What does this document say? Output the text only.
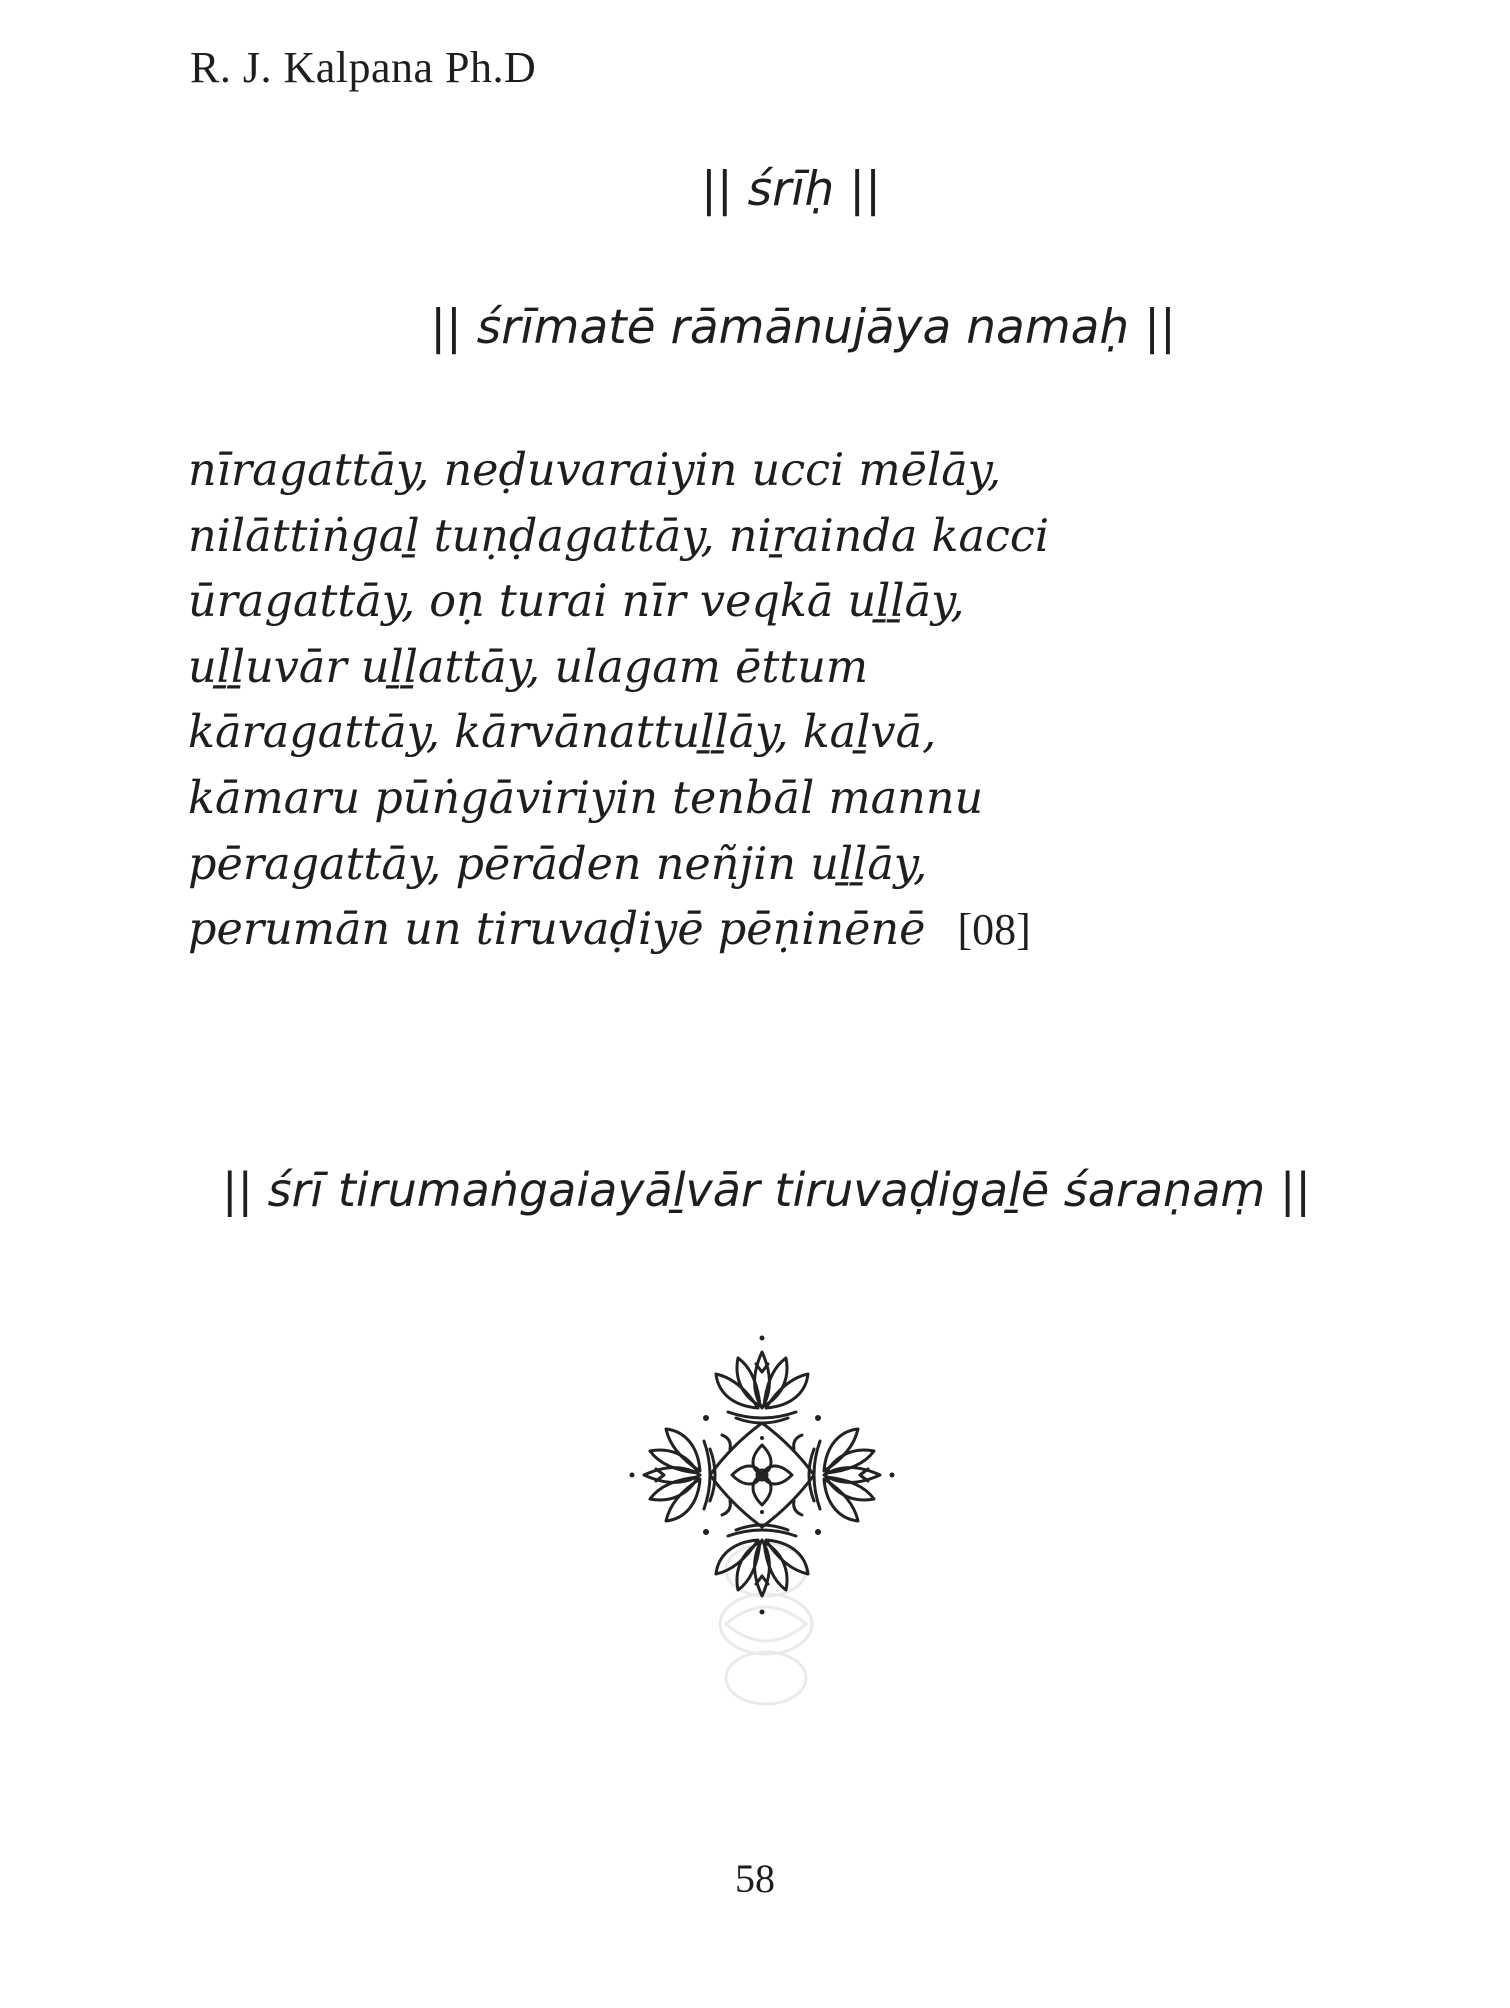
R. J. Kalpana Ph.D
|| śrīḥ ||
|| śrīmatē rāmānujāya namaḥ ||
nīragattāy, neḍuvaraiyin ucci mēlāy,
nilāttiṅgaḻ tuṇḍagattāy, niṟainda kacci
ūragattāy, oṇ turai nīr veqkā uḻḻāy,
uḻḻuvār uḻḻattāy, ulagam ēttum
kāragattāy, kārvānattuḻḻāy, kaḻvā,
kāmaru pūṅgāviriyin tenbāl mannu
pēragattāy, pērāden neñjin uḻḻāy,
perumān un tiruvaḍiyē pēṇinēnē [08]
|| śrī tirumaṅgaiayāḻvār tiruvaḍigaḻē śaraṇaṃ ||
58
